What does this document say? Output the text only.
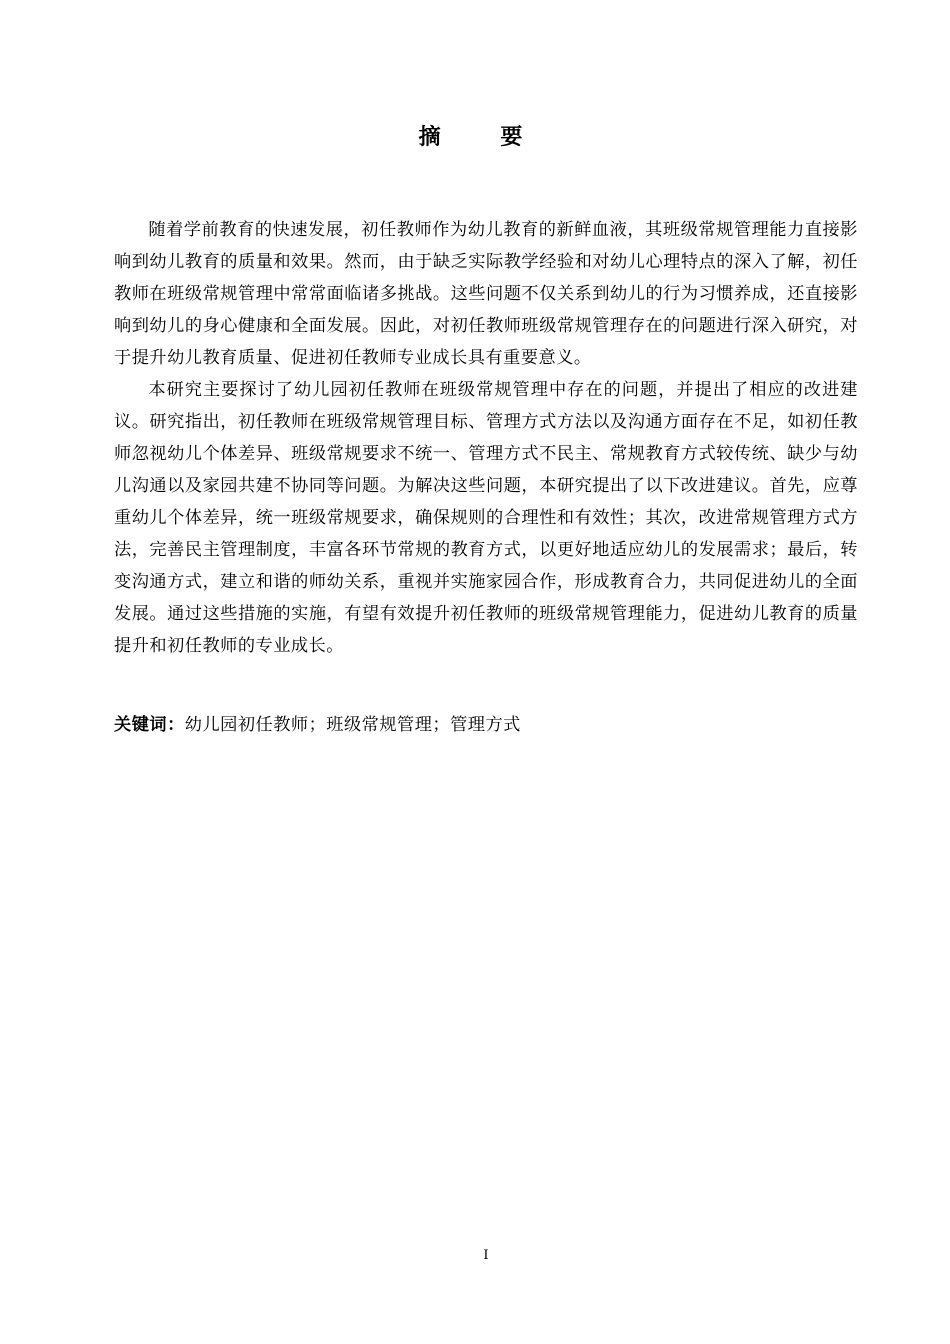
摘 要

随着学前教育的快速发展，初任教师作为幼儿教育的新鲜血液，其班级常规管理能力直接影响到幼儿教育的质量和效果。然而，由于缺乏实际教学经验和对幼儿心理特点的深入了解，初任教师在班级常规管理中常常面临诸多挑战。这些问题不仅关系到幼儿的行为习惯养成，还直接影响到幼儿的身心健康和全面发展。因此，对初任教师班级常规管理存在的问题进行深入研究，对于提升幼儿教育质量、促进初任教师专业成长具有重要意义。

本研究主要探讨了幼儿园初任教师在班级常规管理中存在的问题，并提出了相应的改进建议。研究指出，初任教师在班级常规管理目标、管理方式方法以及沟通方面存在不足，如初任教师忽视幼儿个体差异、班级常规要求不统一、管理方式不民主、常规教育方式较传统、缺少与幼儿沟通以及家园共建不协同等问题。为解决这些问题，本研究提出了以下改进建议。首先，应尊重幼儿个体差异，统一班级常规要求，确保规则的合理性和有效性；其次，改进常规管理方式方法，完善民主管理制度，丰富各环节常规的教育方式，以更好地适应幼儿的发展需求；最后，转变沟通方式，建立和谐的师幼关系，重视并实施家园合作，形成教育合力，共同促进幼儿的全面发展。通过这些措施的实施，有望有效提升初任教师的班级常规管理能力，促进幼儿教育的质量提升和初任教师的专业成长。

关键词：幼儿园初任教师；班级常规管理；管理方式

I
